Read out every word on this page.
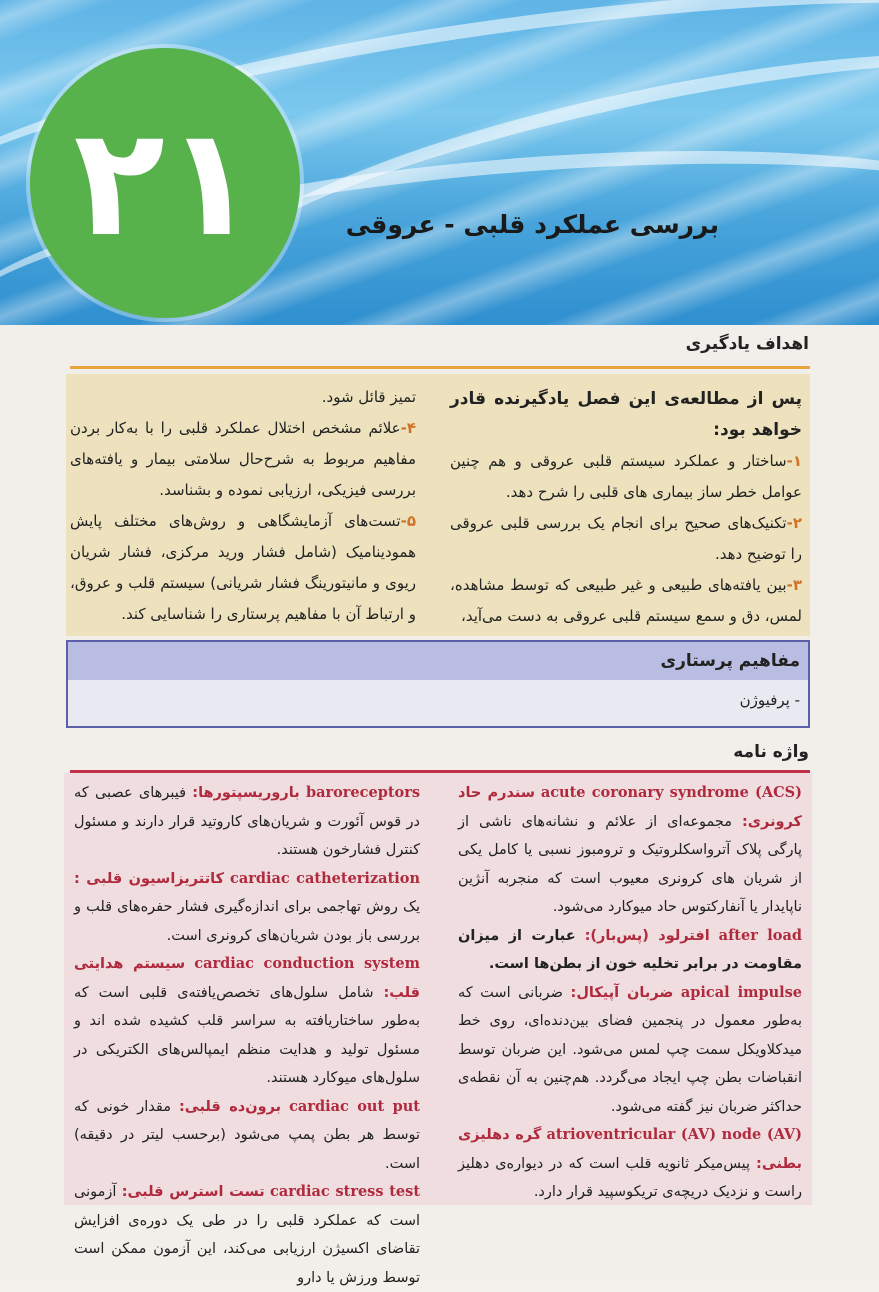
۲۱	بررسی عملکرد قلبی - عروقی
اهداف یادگیری

پس از مطالعه‌ی این فصل یادگیرنده قادر خواهد بود:

۱-ساختار و عملکرد سیستم قلبی عروقی و هم چنین عوامل خطر ساز بیماری های قلبی را شرح دهد.

۲-تکنیک‌های صحیح برای انجام یک بررسی قلبی عروقی را توضیح دهد.

۳-بین یافته‌های طبیعی و غیر طبیعی که توسط مشاهده، لمس، دق و سمع سیستم قلبی عروقی به دست می‌آید،

تمیز قائل شود.

۴-علائم مشخص اختلال عملکرد قلبی را با به‌کار بردن مفاهیم مربوط به شرح‌حال سلامتی بیمار و یافته‌های بررسی فیزیکی، ارزیابی نموده و بشناسد.

۵-تست‌های آزمایشگاهی و روش‌های مختلف پایش همودینامیک (شامل فشار ورید مرکزی، فشار شریان ریوی و مانیتورینگ فشار شریانی) سیستم قلب و عروق، و ارتباط آن با مفاهیم پرستاری را شناسایی کند.

مفاهیم پرستاری
- پرفیوژن
واژه نامه

acute coronary syndrome (ACS) سندرم حاد کرونری: مجموعه‌ای از علائم و نشانه‌های ناشی از پارگی پلاک آترواسکلروتیک و ترومبوز نسبی یا کامل یکی از شریان های کرونری معیوب است که منجربه آنژین ناپایدار یا آنفارکتوس حاد میوکارد می‌شود.

after load افترلود (پس‌بار): عبارت از میزان مقاومت در برابر تخلیه خون از بطن‌ها است.

apical impulse ضربان آپیکال: ضربانی است که به‌طور معمول در پنجمین فضای بین‌دنده‌ای، روی خط میدکلاویکل سمت چپ لمس می‌شود. این ضربان توسط انقباضات بطن چپ ایجاد می‌گردد. هم‌چنین به آن نقطه‌ی حداکثر ضربان نیز گفته می‌شود.

atrioventricular (AV) node (AV) گره دهلیزی بطنی: پیس‌میکر ثانویه قلب است که در دیواره‌ی دهلیز راست و نزدیک دریچه‌ی تریکوسپید قرار دارد.

baroreceptors باروریسپتورها: فیبرهای عصبی که در قوس آئورت و شریان‌های کاروتید قرار دارند و مسئول کنترل فشارخون هستند.

cardiac catheterization کاتتریزاسیون قلبی : یک روش تهاجمی برای اندازه‌گیری فشار حفره‌های قلب و بررسی باز بودن شریان‌های کرونری است.

cardiac conduction system سیستم هدایتی قلب: شامل سلول‌های تخصص‌یافته‌ی قلبی است که به‌طور ساختاریافته به سراسر قلب کشیده شده اند و مسئول تولید و هدایت منظم ایمپالس‌های الکتریکی در سلول‌های میوکارد هستند.

cardiac out put برون‌ده قلبی: مقدار خونی که توسط هر بطن پمپ می‌شود (برحسب لیتر در دقیقه) است.

cardiac stress test تست استرس قلبی: آزمونی است که عملکرد قلبی را در طی یک دوره‌ی افزایش تقاضای اکسیژن ارزیابی می‌کند، این آزمون ممکن است توسط ورزش یا دارو
